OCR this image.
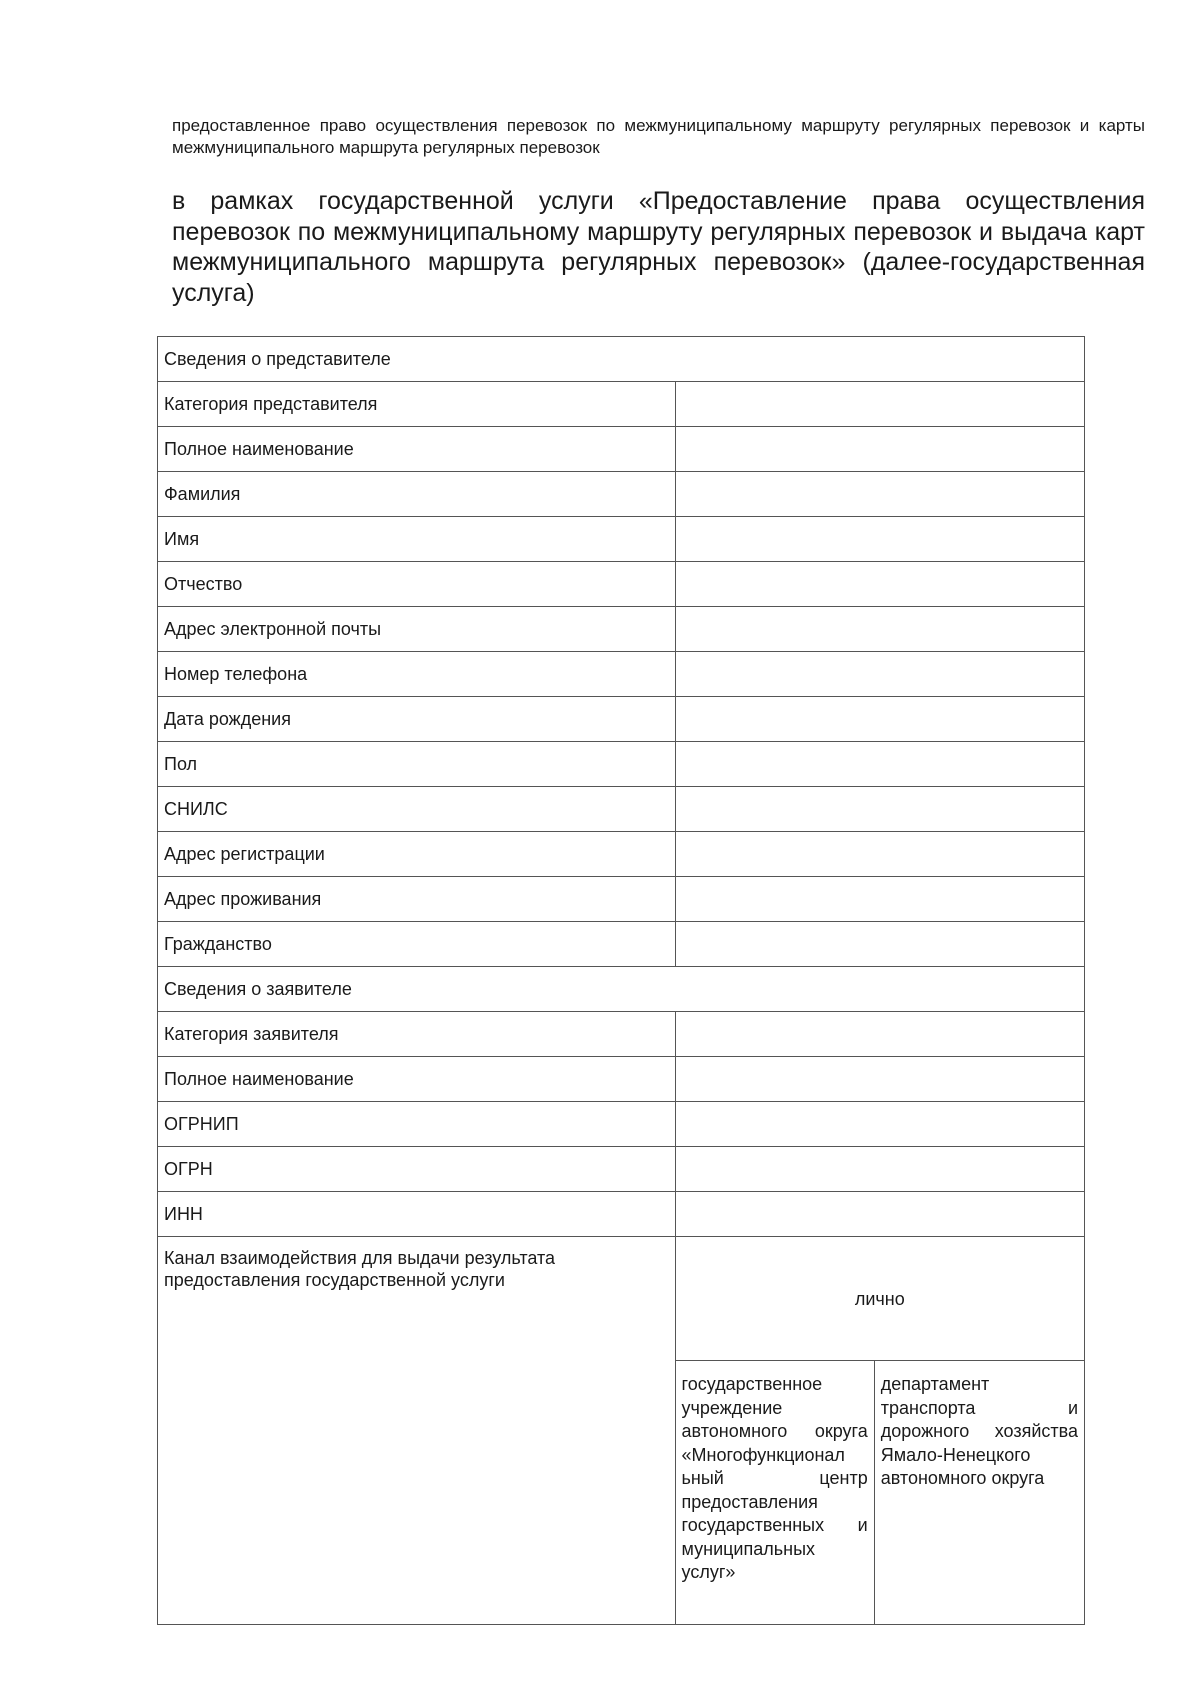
предоставленное право осуществления перевозок по межмуниципальному маршруту регулярных перевозок и карты межмуниципального маршрута регулярных перевозок

в рамках государственной услуги «Предоставление права осуществления перевозок по межмуниципальному маршруту регулярных перевозок и выдача карт межмуниципального маршрута регулярных перевозок» (далее-государственная услуга)

Сведения о представителе		
Категория представителя		
Полное наименование		
Фамилия		
Имя		
Отчество		
Адрес электронной почты		
Номер телефона		
Дата рождения		
Пол		
СНИЛС		
Адрес регистрации		
Адрес проживания		
Гражданство		
Сведения о заявителе		
Категория заявителя		
Полное наименование		
ОГРНИП		
ОГРН		
ИНН		
Канал взаимодействия для выдачи результата предоставления государственной услуги	лично	
	государственное учреждение автономного округа «Многофункционал ьный центр предоставления государственных и муниципальных услуг»	департамент транспорта и дорожного хозяйства Ямало-Ненецкого автономного округа
